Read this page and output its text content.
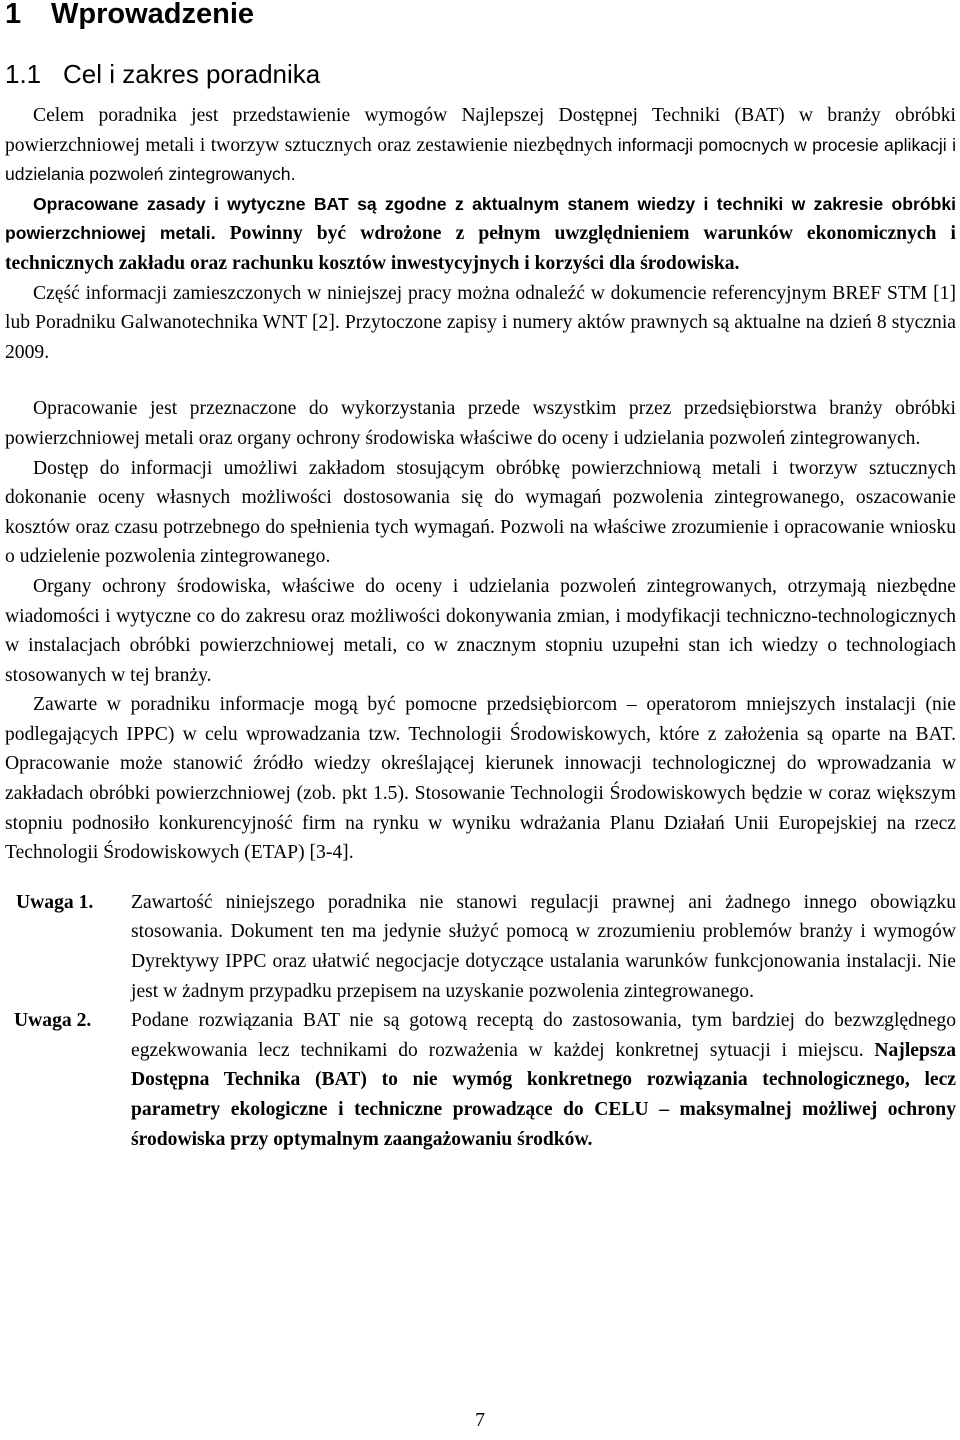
1 Wprowadzenie
1.1 Cel i zakres poradnika

Celem poradnika jest przedstawienie wymogów Najlepszej Dostępnej Techniki (BAT) w branży obróbki powierzchniowej metali i tworzyw sztucznych oraz zestawienie niezbędnych informacji pomocnych w procesie aplikacji i udzielania pozwoleń zintegrowanych.

Opracowane zasady i wytyczne BAT są zgodne z aktualnym stanem wiedzy i techniki w zakresie obróbki powierzchniowej metali. Powinny być wdrożone z pełnym uwzględnieniem warunków ekonomicznych i technicznych zakładu oraz rachunku kosztów inwestycyjnych i korzyści dla środowiska.

Część informacji zamieszczonych w niniejszej pracy można odnaleźć w dokumencie referencyjnym BREF STM [1] lub Poradniku Galwanotechnika WNT [2]. Przytoczone zapisy i numery aktów prawnych są aktualne na dzień 8 stycznia 2009.

Opracowanie jest przeznaczone do wykorzystania przede wszystkim przez przedsiębiorstwa branży obróbki powierzchniowej metali oraz organy ochrony środowiska właściwe do oceny i udzielania pozwoleń zintegrowanych.

Dostęp do informacji umożliwi zakładom stosującym obróbkę powierzchniową metali i tworzyw sztucznych dokonanie oceny własnych możliwości dostosowania się do wymagań pozwolenia zintegrowanego, oszacowanie kosztów oraz czasu potrzebnego do spełnienia tych wymagań. Pozwoli na właściwe zrozumienie i opracowanie wniosku o udzielenie pozwolenia zintegrowanego.

Organy ochrony środowiska, właściwe do oceny i udzielania pozwoleń zintegrowanych, otrzymają niezbędne wiadomości i wytyczne co do zakresu oraz możliwości dokonywania zmian, i modyfikacji techniczno-technologicznych w instalacjach obróbki powierzchniowej metali, co w znacznym stopniu uzupełni stan ich wiedzy o technologiach stosowanych w tej branży.

Zawarte w poradniku informacje mogą być pomocne przedsiębiorcom – operatorom mniejszych instalacji (nie podlegających IPPC) w celu wprowadzania tzw. Technologii Środowiskowych, które z założenia są oparte na BAT. Opracowanie może stanowić źródło wiedzy określającej kierunek innowacji technologicznej do wprowadzania w zakładach obróbki powierzchniowej (zob. pkt 1.5). Stosowanie Technologii Środowiskowych będzie w coraz większym stopniu podnosiło konkurencyjność firm na rynku w wyniku wdrażania Planu Działań Unii Europejskiej na rzecz Technologii Środowiskowych (ETAP) [3-4].

Uwaga 1.	Zawartość niniejszego poradnika nie stanowi regulacji prawnej ani żadnego innego obowiązku stosowania. Dokument ten ma jedynie służyć pomocą w zrozumieniu problemów branży i wymogów Dyrektywy IPPC oraz ułatwić negocjacje dotyczące ustalania warunków funkcjonowania instalacji. Nie jest w żadnym przypadku przepisem na uzyskanie pozwolenia zintegrowanego.
Uwaga 2.	Podane rozwiązania BAT nie są gotową receptą do zastosowania, tym bardziej do bezwzględnego egzekwowania lecz technikami do rozważenia w każdej konkretnej sytuacji i miejscu. Najlepsza Dostępna Technika (BAT) to nie wymóg konkretnego rozwiązania technologicznego, lecz parametry ekologiczne i techniczne prowadzące do CELU – maksymalnej możliwej ochrony środowiska przy optymalnym zaangażowaniu środków.
7
